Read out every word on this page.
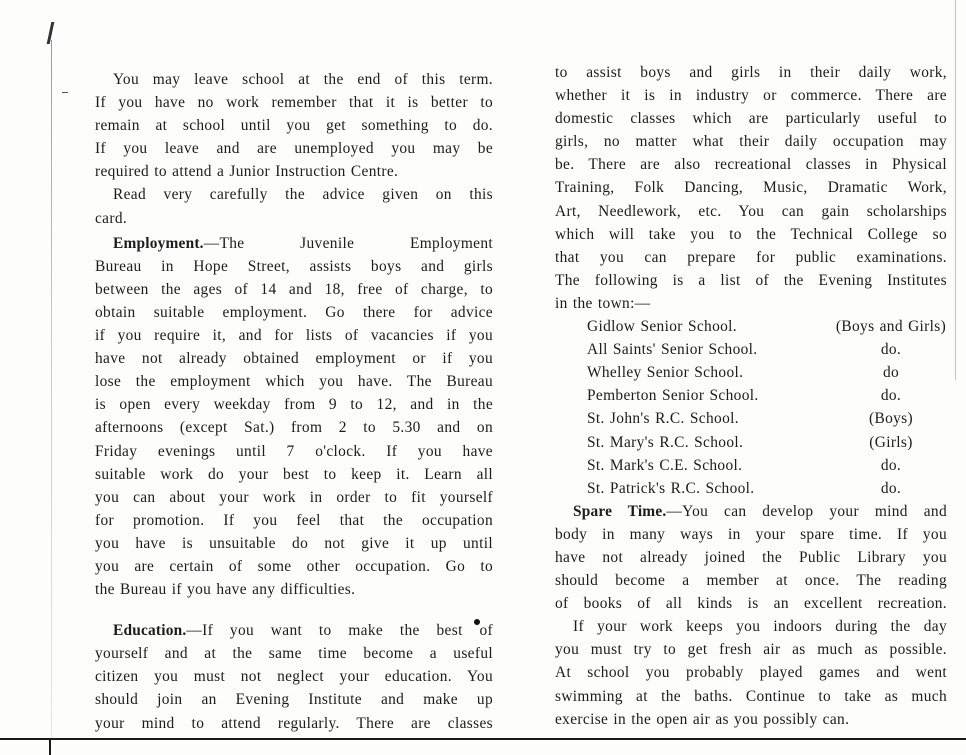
You may leave school at the end of this term.
If you have no work remember that it is better to
remain at school until you get something to do.
If you leave and are unemployed you may be
required to attend a Junior Instruction Centre.
Read very carefully the advice given on this
card.
Employment.—The Juvenile Employment
Bureau in Hope Street, assists boys and girls
between the ages of 14 and 18, free of charge, to
obtain suitable employment. Go there for advice
if you require it, and for lists of vacancies if you
have not already obtained employment or if you
lose the employment which you have. The Bureau
is open every weekday from 9 to 12, and in the
afternoons (except Sat.) from 2 to 5.30 and on
Friday evenings until 7 o'clock. If you have
suitable work do your best to keep it. Learn all
you can about your work in order to fit yourself
for promotion. If you feel that the occupation
you have is unsuitable do not give it up until
you are certain of some other occupation. Go to
the Bureau if you have any difficulties.
Education.—If you want to make the best of
yourself and at the same time become a useful
citizen you must not neglect your education. You
should join an Evening Institute and make up
your mind to attend regularly. There are classes
to assist boys and girls in their daily work,
whether it is in industry or commerce. There are
domestic classes which are particularly useful to
girls, no matter what their daily occupation may
be. There are also recreational classes in Physical
Training, Folk Dancing, Music, Dramatic Work,
Art, Needlework, etc. You can gain scholarships
which will take you to the Technical College so
that you can prepare for public examinations.
The following is a list of the Evening Institutes
in the town:—
Gidlow Senior School.	(Boys and Girls)
All Saints' Senior School.	do.
Whelley Senior School.	do
Pemberton Senior School.	do.
St. John's R.C. School.	(Boys)
St. Mary's R.C. School.	(Girls)
St. Mark's C.E. School.	do.
St. Patrick's R.C. School.	do.
Spare Time.—You can develop your mind and
body in many ways in your spare time. If you
have not already joined the Public Library you
should become a member at once. The reading
of books of all kinds is an excellent recreation.
If your work keeps you indoors during the day
you must try to get fresh air as much as possible.
At school you probably played games and went
swimming at the baths. Continue to take as much
exercise in the open air as you possibly can.
